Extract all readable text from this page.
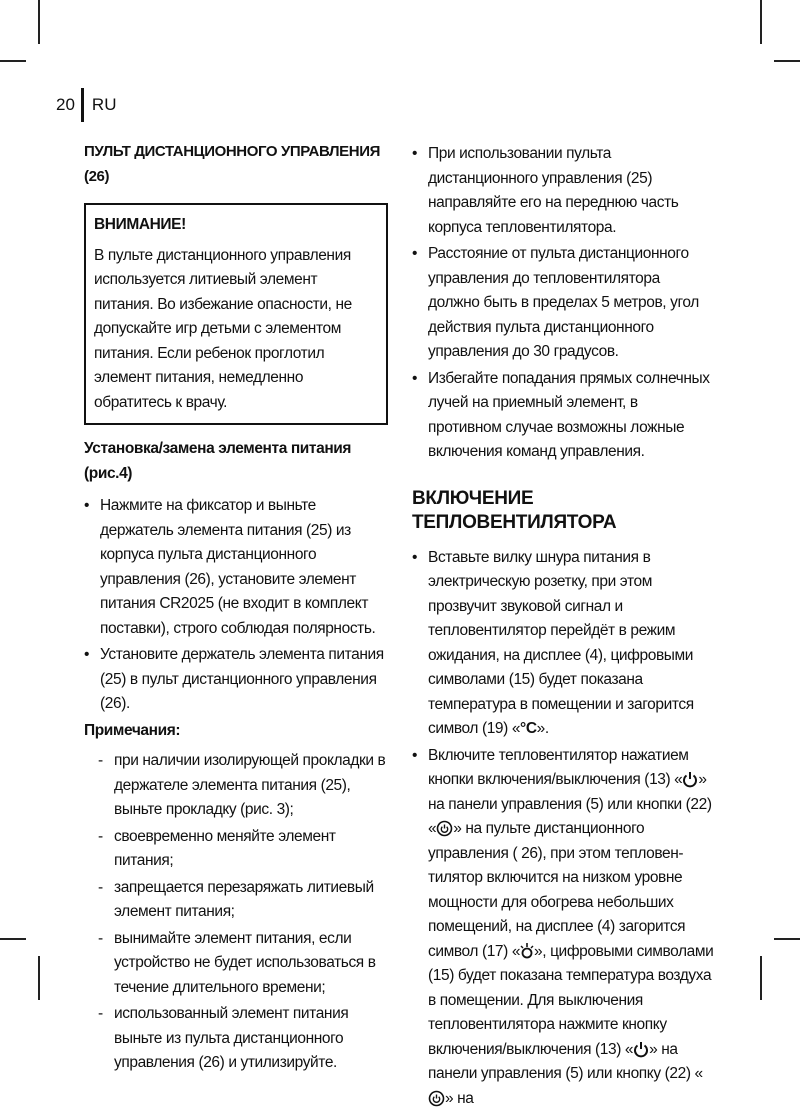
20 RU
ПУЛЬТ ДИСТАНЦИОННОГО УПРАВЛЕНИЯ (26)
ВНИМАНИЕ!
В пульте дистанционного управления используется литиевый элемент питания. Во избежание опасности, не допускайте игр детьми с элементом питания. Если ребенок проглотил элемент питания, немедленно обратитесь к врачу.
Установка/замена элемента питания (рис.4)
• Нажмите на фиксатор и выньте держатель элемента питания (25) из корпуса пульта дистанционного управления (26), установите элемент питания CR2025 (не входит в комплект поставки), строго соблюдая полярность.
• Установите держатель элемента питания (25) в пульт дистанционного управления (26).
Примечания:
- при наличии изолирующей прокладки в держателе элемента питания (25), выньте прокладку (рис. 3);
- своевременно меняйте элемент питания;
- запрещается перезаряжать литиевый элемент питания;
- вынимайте элемент питания, если устройство не будет использоваться в течение длительного времени;
- использованный элемент питания выньте из пульта дистанционного управления (26) и утилизируйте.
• При использовании пульта дистанционного управления (25) направляйте его на переднюю часть корпуса тепловентилятора.
• Расстояние от пульта дистанционного управления до тепловентилятора должно быть в пределах 5 метров, угол действия пульта дистанционного управления до 30 градусов.
• Избегайте попадания прямых солнечных лучей на приемный элемент, в противном случае возможны ложные включения команд управления.
ВКЛЮЧЕНИЕ ТЕПЛОВЕНТИЛЯТОРА
• Вставьте вилку шнура питания в электрическую розетку, при этом прозвучит звуковой сигнал и тепловентилятор перейдёт в режим ожидания, на дисплее (4), цифровыми символами (15) будет показана температура в помещении и загорится символ (19) «°C».
• Включите тепловентилятор нажатием кнопки включения/выключения (13) « » на панели управления (5) или кнопки (22) « » на пульте дистанционного управления ( 26), при этом тепловентилятор включится на низком уровне мощности для обогрева небольших помещений, на дисплее (4) загорится символ (17) « », цифровыми символами (15) будет показана температура воздуха в помещении. Для выключения тепловентилятора нажмите кнопку включения/выключения (13) « » на панели управления (5) или кнопку (22) «» на
